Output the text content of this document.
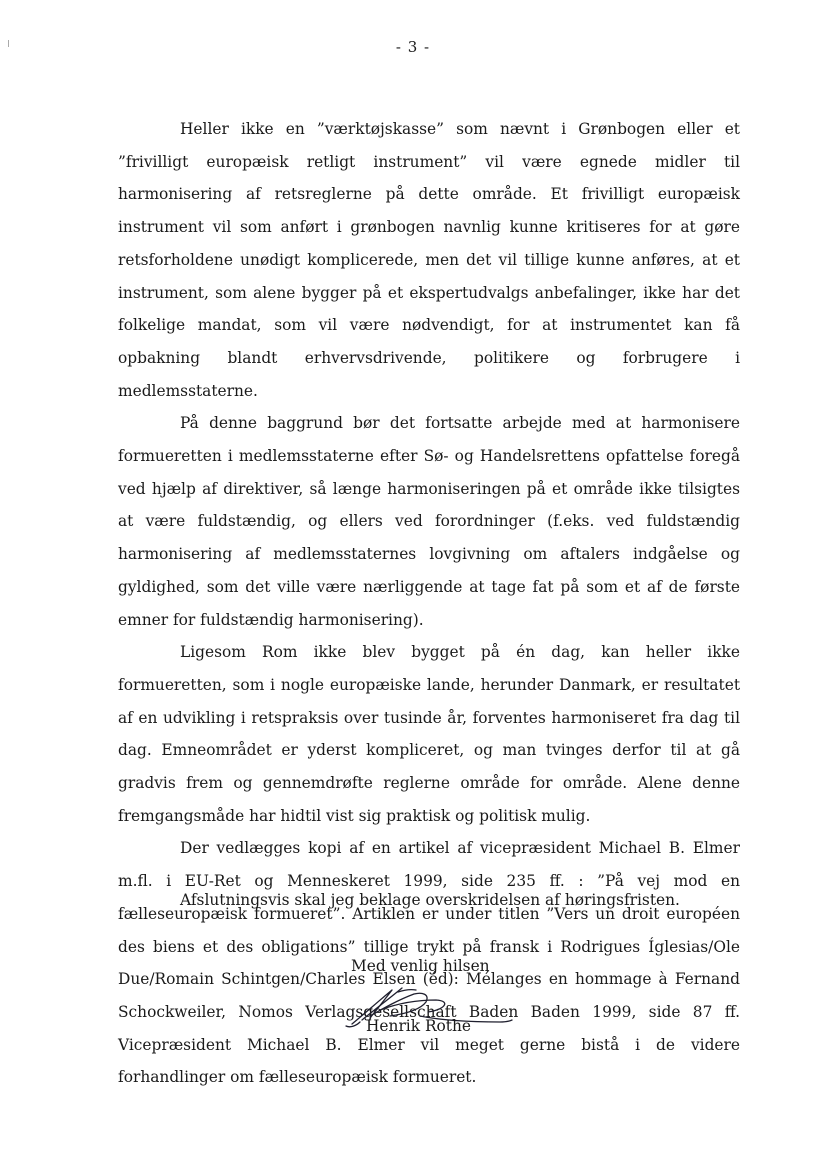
- 3 -

Heller ikke en ”værktøjskasse” som nævnt i Grønbogen eller et ”frivilligt europæisk retligt instrument” vil være egnede midler til harmonisering af retsreglerne på dette område. Et frivilligt europæisk instrument vil som anført i grønbogen navnlig kunne kritiseres for at gøre retsforholdene unødigt komplicerede, men det vil tillige kunne anføres, at et instrument, som alene bygger på et ekspertudvalgs anbefalinger, ikke har det folkelige mandat, som vil være nødvendigt, for at instrumentet kan få opbakning blandt erhvervsdrivende, politikere og forbrugere i medlemsstaterne.

På denne baggrund bør det fortsatte arbejde med at harmonisere formueretten i medlemsstaterne efter Sø- og Handelsrettens opfattelse foregå ved hjælp af direktiver, så længe harmoniseringen på et område ikke tilsigtes at være fuldstændig, og ellers ved forordninger (f.eks. ved fuldstændig harmonisering af medlemsstaternes lovgivning om aftalers indgåelse og gyldighed, som det ville være nærliggende at tage fat på som et af de første emner for fuldstændig harmonisering).

Ligesom Rom ikke blev bygget på én dag, kan heller ikke formueretten, som i nogle europæiske lande, herunder Danmark, er resultatet af en udvikling i retspraksis over tusinde år, forventes harmoniseret fra dag til dag. Emneområdet er yderst kompliceret, og man tvinges derfor til at gå gradvis frem og gennemdrøfte reglerne område for område. Alene denne fremgangsmåde har hidtil vist sig praktisk og politisk mulig.

Der vedlægges kopi af en artikel af vicepræsident Michael B. Elmer m.fl. i EU-Ret og Menneskeret 1999, side 235 ff. : ”På vej mod en fælleseuropæisk formueret”. Artiklen er under titlen ”Vers un droit européen des biens et des obligations” tillige trykt på fransk i Rodrigues Íglesias/Ole Due/Romain Schintgen/Charles Elsen (éd): Mélanges en hommage à Fernand Schockweiler, Nomos Verlagsgesellschaft Baden Baden 1999, side 87 ff. Vicepræsident Michael B. Elmer vil meget gerne bistå i de videre forhandlinger om fælleseuropæisk formueret.

Afslutningsvis skal jeg beklage overskridelsen af høringsfristen.
Med venlig hilsen
Henrik Rothe
